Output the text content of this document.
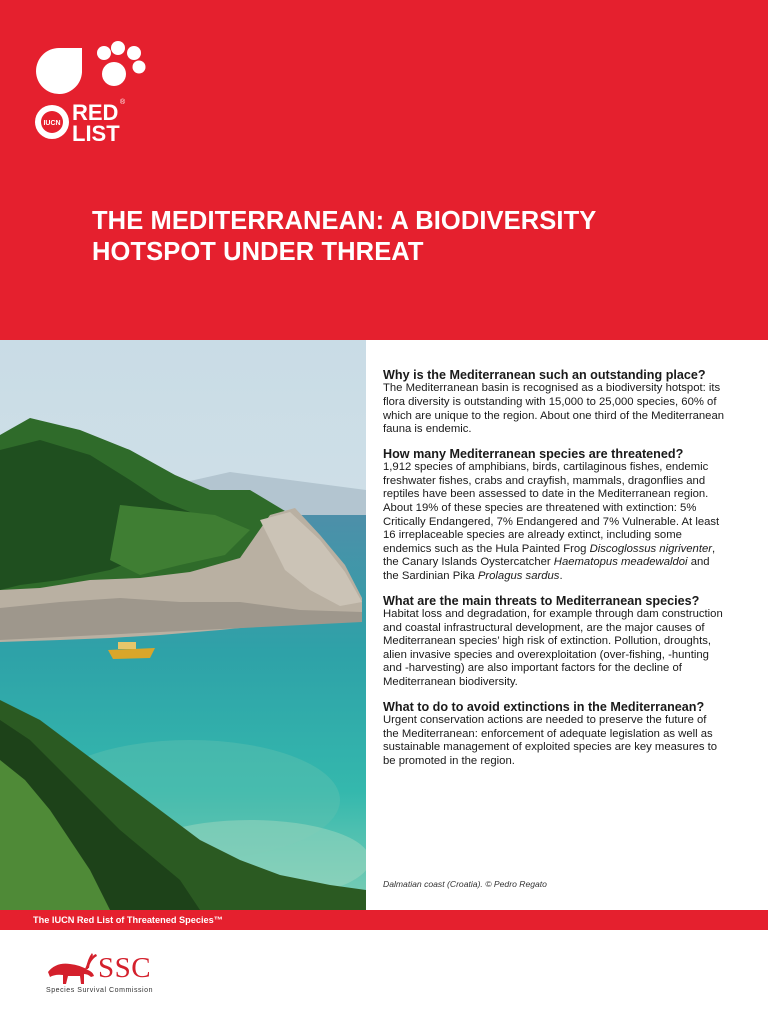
IUCN RED ®
LIST
THE MEDITERRANEAN: A BIODIVERSITY
HOTSPOT UNDER THREAT

Why is the Mediterranean such an outstanding place?

The Mediterranean basin is recognised as a biodiversity hotspot: its flora diversity is outstanding with 15,000 to 25,000 species, 60% of which are unique to the region. About one third of the Mediterranean fauna is endemic.

How many Mediterranean species are threatened?

1,912 species of amphibians, birds, cartilaginous fishes, endemic freshwater fishes, crabs and crayfish, mammals, dragonflies and reptiles have been assessed to date in the Mediterranean region. About 19% of these species are threatened with extinction: 5% Critically Endangered, 7% Endangered and 7% Vulnerable. At least 16 irreplaceable species are already extinct, including some endemics such as the Hula Painted Frog Discoglossus nigriventer, the Canary Islands Oystercatcher Haematopus meadewaldoi and the Sardinian Pika Prolagus sardus.

What are the main threats to Mediterranean species?

Habitat loss and degradation, for example through dam construction and coastal infrastructural development, are the major causes of Mediterranean species’ high risk of extinction. Pollution, droughts, alien invasive species and overexploitation (over-fishing, -hunting and -harvesting) are also important factors for the decline of Mediterranean biodiversity.

What to do to avoid extinctions in the Mediterranean?

Urgent conservation actions are needed to preserve the future of the Mediterranean: enforcement of adequate legislation as well as sustainable management of exploited species are key measures to be promoted in the region.

Dalmatian coast (Croatia). © Pedro Regato
The IUCN Red List of Threatened Species™
SSC
Species Survival Commission
